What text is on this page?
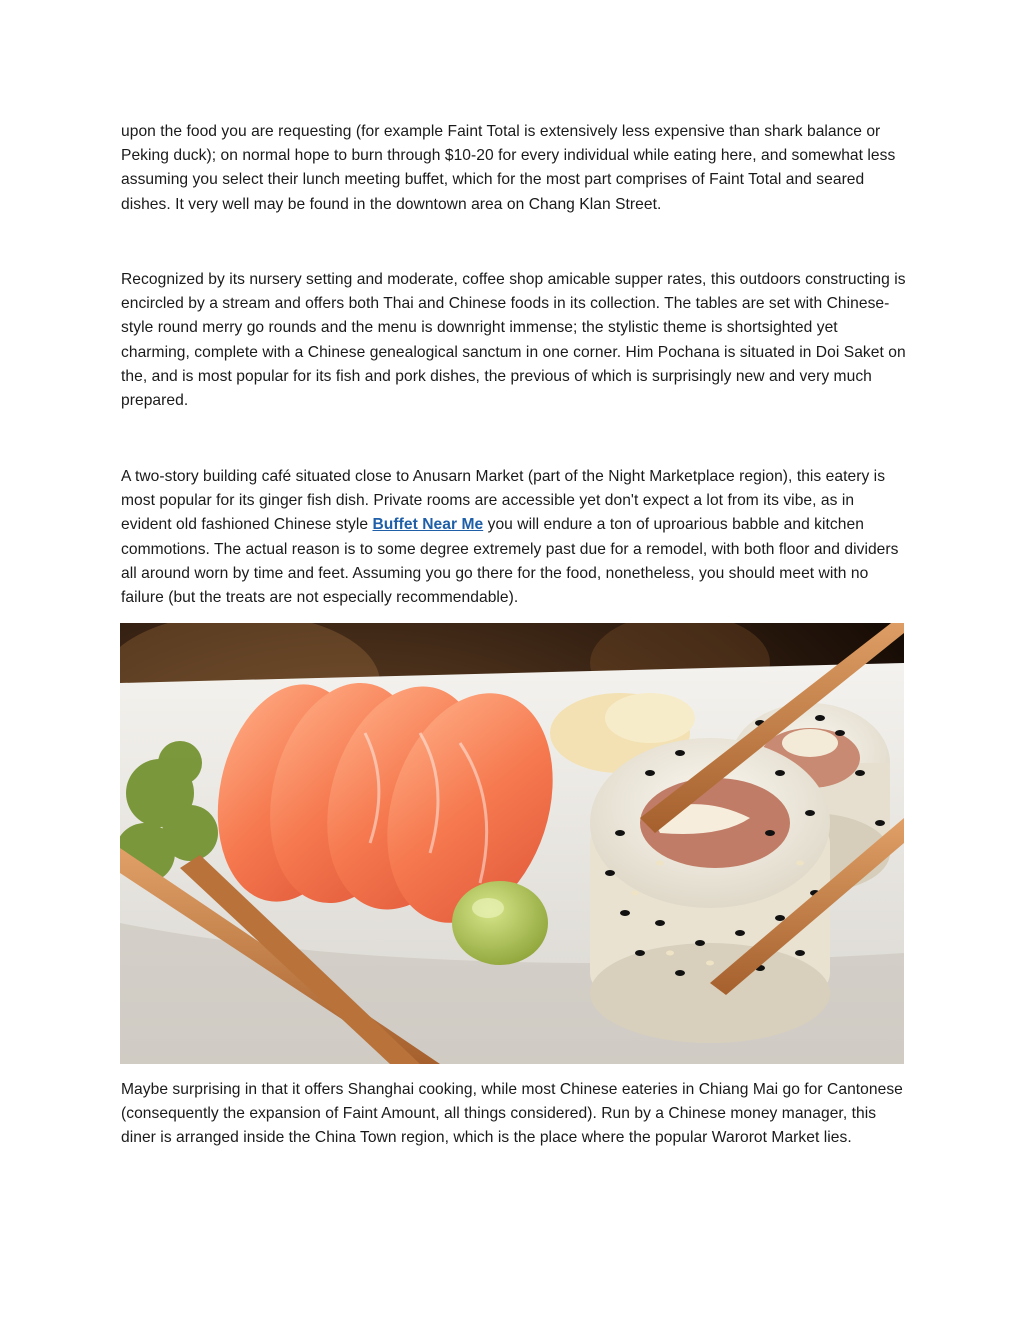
upon the food you are requesting (for example Faint Total is extensively less expensive than shark balance or Peking duck); on normal hope to burn through $10-20 for every individual while eating here, and somewhat less assuming you select their lunch meeting buffet, which for the most part comprises of Faint Total and seared dishes. It very well may be found in the downtown area on Chang Klan Street.

Recognized by its nursery setting and moderate, coffee shop amicable supper rates, this outdoors constructing is encircled by a stream and offers both Thai and Chinese foods in its collection. The tables are set with Chinese-style round merry go rounds and the menu is downright immense; the stylistic theme is shortsighted yet charming, complete with a Chinese genealogical sanctum in one corner. Him Pochana is situated in Doi Saket on the, and is most popular for its fish and pork dishes, the previous of which is surprisingly new and very much prepared.

A two-story building café situated close to Anusarn Market (part of the Night Marketplace region), this eatery is most popular for its ginger fish dish. Private rooms are accessible yet don't expect a lot from its vibe, as in evident old fashioned Chinese style Buffet Near Me you will endure a ton of uproarious babble and kitchen commotions. The actual reason is to some degree extremely past due for a remodel, with both floor and dividers all around worn by time and feet. Assuming you go there for the food, nonetheless, you should meet with no failure (but the treats are not especially recommendable).

Maybe surprising in that it offers Shanghai cooking, while most Chinese eateries in Chiang Mai go for Cantonese (consequently the expansion of Faint Amount, all things considered). Run by a Chinese money manager, this diner is arranged inside the China Town region, which is the place where the popular Warorot Market lies.
